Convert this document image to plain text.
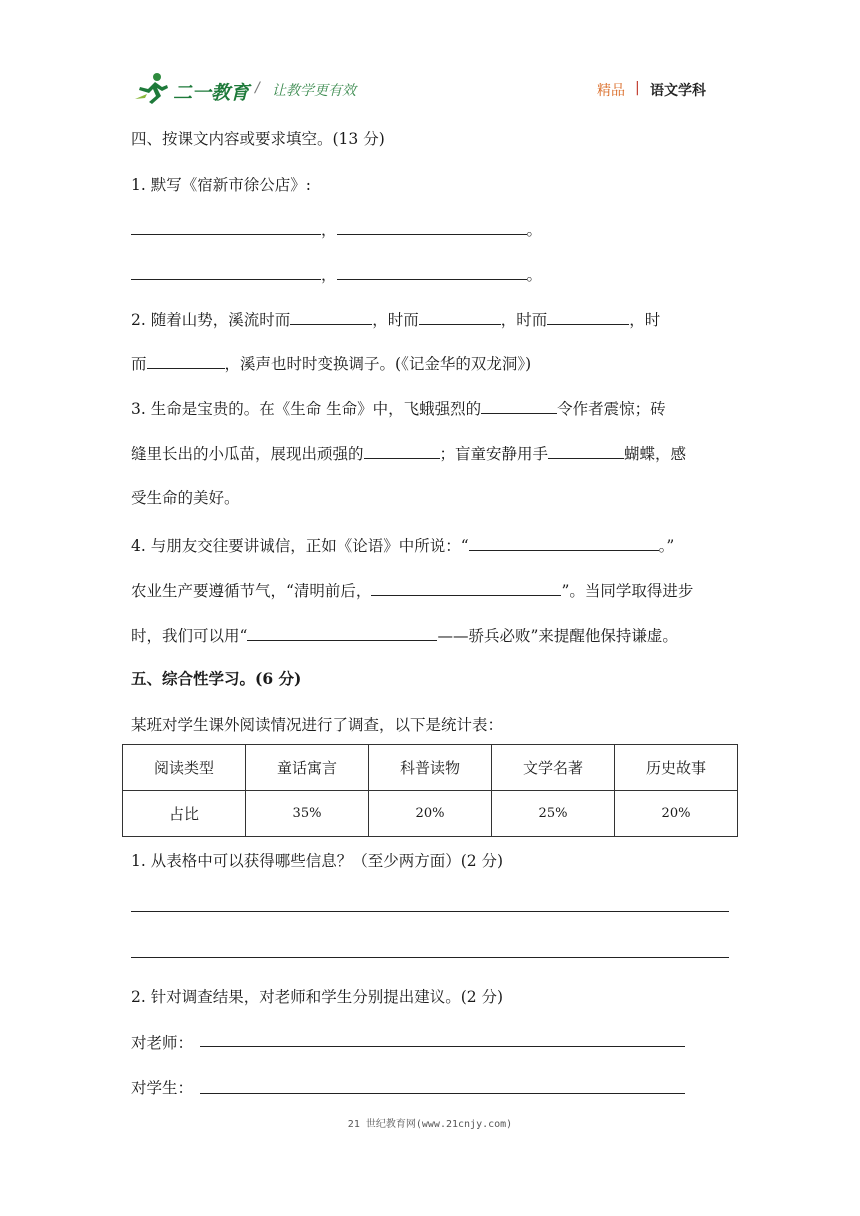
二一教育 / 让教学更有效	精品 | 语文学科
四、按课文内容或要求填空。(13 分)
1. 默写《宿新市徐公店》:
，	。
，	。
2. 随着山势，溪流时而	，时而	，时而	，时
而	，溪声也时时变换调子。(《记金华的双龙洞》)
3. 生命是宝贵的。在《生命 生命》中，飞蛾强烈的	令作者震惊；砖
缝里长出的小瓜苗，展现出顽强的	；盲童安静用手	蝴蝶，感
受生命的美好。
4. 与朋友交往要讲诚信，正如《论语》中所说：“	。”
农业生产要遵循节气，“清明前后，	”。当同学取得进步
时，我们可以用“	——骄兵必败”来提醒他保持谦虚。
五、综合性学习。(6 分)
某班对学生课外阅读情况进行了调查，以下是统计表：
阅读类型	童话寓言	科普读物	文学名著	历史故事
占比	35%	20%	25%	20%
1. 从表格中可以获得哪些信息？（至少两方面）(2 分)
2. 针对调查结果，对老师和学生分别提出建议。(2 分)
对老师：
对学生：
21 世纪教育网(www.21cnjy.com)
